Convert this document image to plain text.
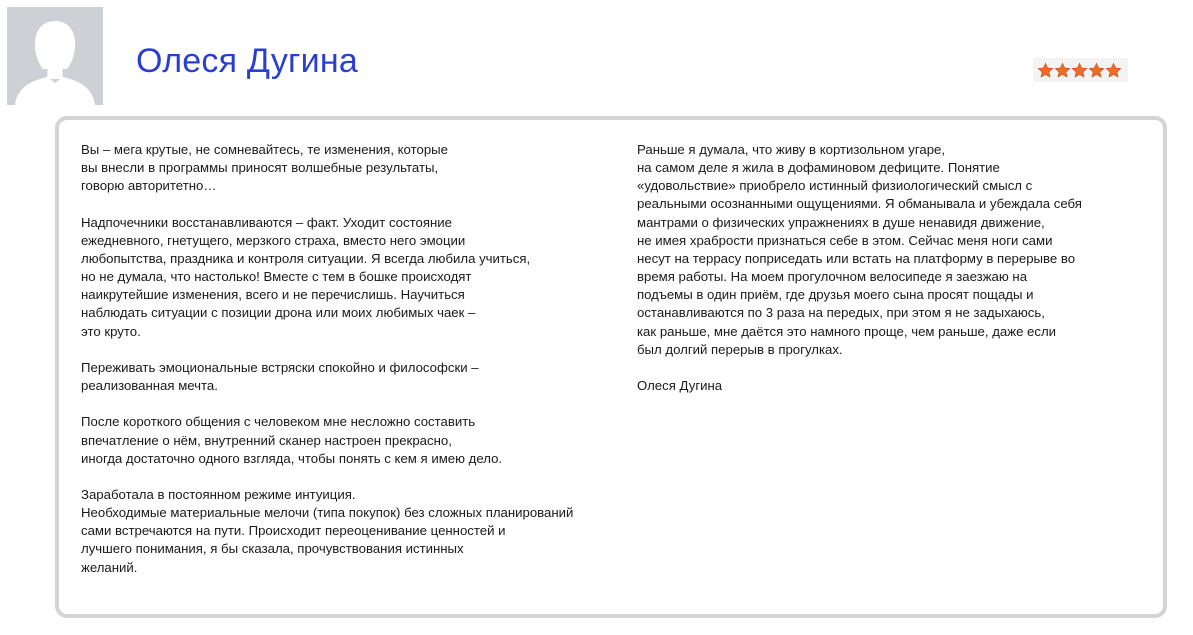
Олеся Дугина
Вы – мега крутые, не сомневайтесь, те изменения, которые
вы внесли в программы приносят волшебные результаты,
говорю авторитетно…

Надпочечники восстанавливаются – факт. Уходит состояние
ежедневного, гнетущего, мерзкого страха, вместо него эмоции
любопытства, праздника и контроля ситуации. Я всегда любила учиться,
но не думала, что настолько! Вместе с тем в бошке происходят
наикрутейшие изменения, всего и не перечислишь. Научиться
наблюдать ситуации с позиции дрона или моих любимых чаек –
это круто.

Переживать эмоциональные встряски спокойно и философски –
реализованная мечта.

После короткого общения с человеком мне несложно составить
впечатление о нём, внутренний сканер настроен прекрасно,
иногда достаточно одного взгляда, чтобы понять с кем я имею дело.

Заработала в постоянном режиме интуиция.
Необходимые материальные мелочи (типа покупок) без сложных планирований
сами встречаются на пути. Происходит переоценивание ценностей и
лучшего понимания, я бы сказала, прочувствования истинных
желаний.
Раньше я думала, что живу в кортизольном угаре,
на самом деле я жила в дофаминовом дефиците. Понятие
«удовольствие» приобрело истинный физиологический смысл с
реальными осознанными ощущениями. Я обманывала и убеждала себя
мантрами о физических упражнениях в душе ненавидя движение,
не имея храбрости признаться себе в этом. Сейчас меня ноги сами
несут на террасу поприседать или встать на платформу в перерыве во
время работы. На моем прогулочном велосипеде я заезжаю на
подъемы в один приём, где друзья моего сына просят пощады и
останавливаются по 3 раза на передых, при этом я не задыхаюсь,
как раньше, мне даётся это намного проще, чем раньше, даже если
был долгий перерыв в прогулках.

Олеся Дугина
